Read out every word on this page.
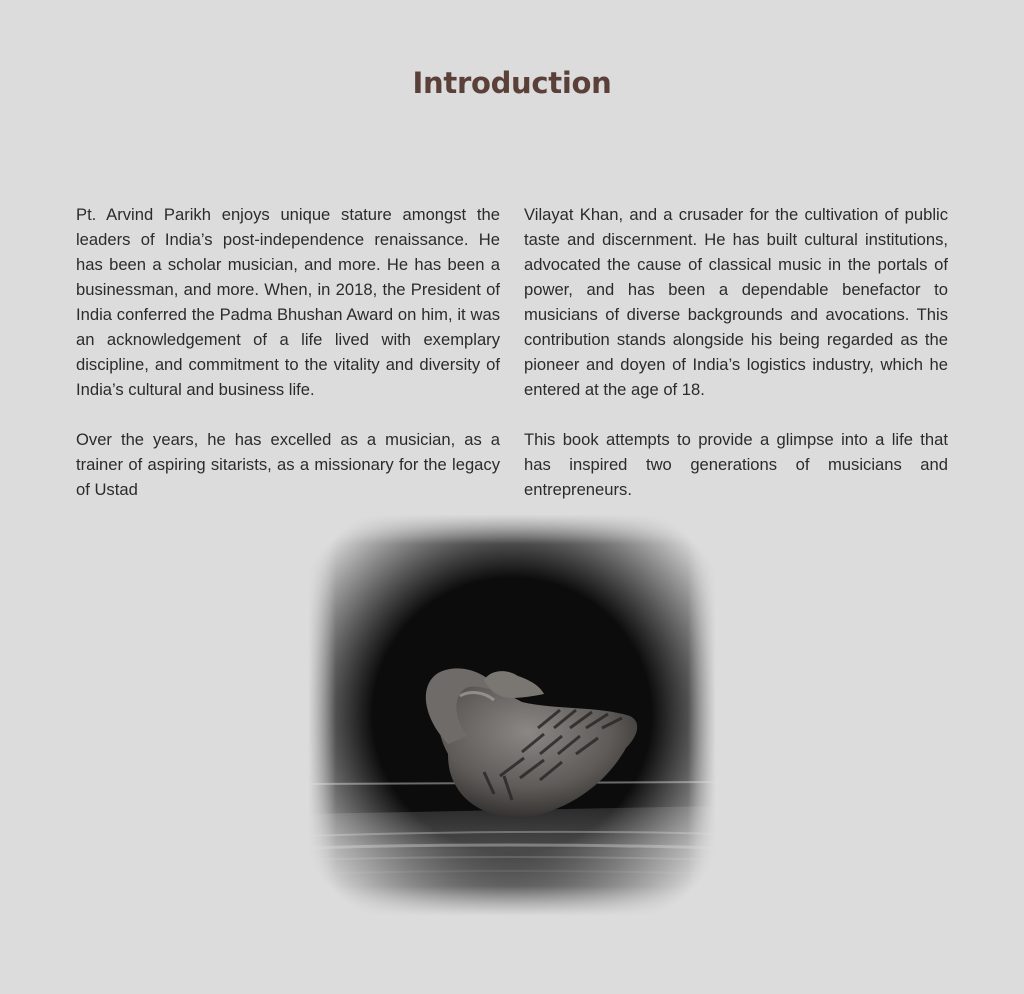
Introduction

Pt. Arvind Parikh enjoys unique stature amongst the leaders of India’s post-independence renaissance. He has been a scholar musician, and more. He has been a businessman, and more. When, in 2018, the President of India conferred the Padma Bhushan Award on him, it was an acknowledgement of a life lived with exemplary discipline, and commitment to the vitality and diversity of India’s cultural and business life.

Over the years, he has excelled as a musician, as a trainer of aspiring sitarists, as a missionary for the legacy of Ustad

Vilayat Khan, and a crusader for the cultivation of public taste and discernment. He has built cultural institutions, advocated the cause of classical music in the portals of power, and has been a dependable benefactor to musicians of diverse backgrounds and avocations. This contribution stands alongside his being regarded as the pioneer and doyen of India’s logistics industry, which he entered at the age of 18.

This book attempts to provide a glimpse into a life that has inspired two generations of musicians and entrepreneurs.
